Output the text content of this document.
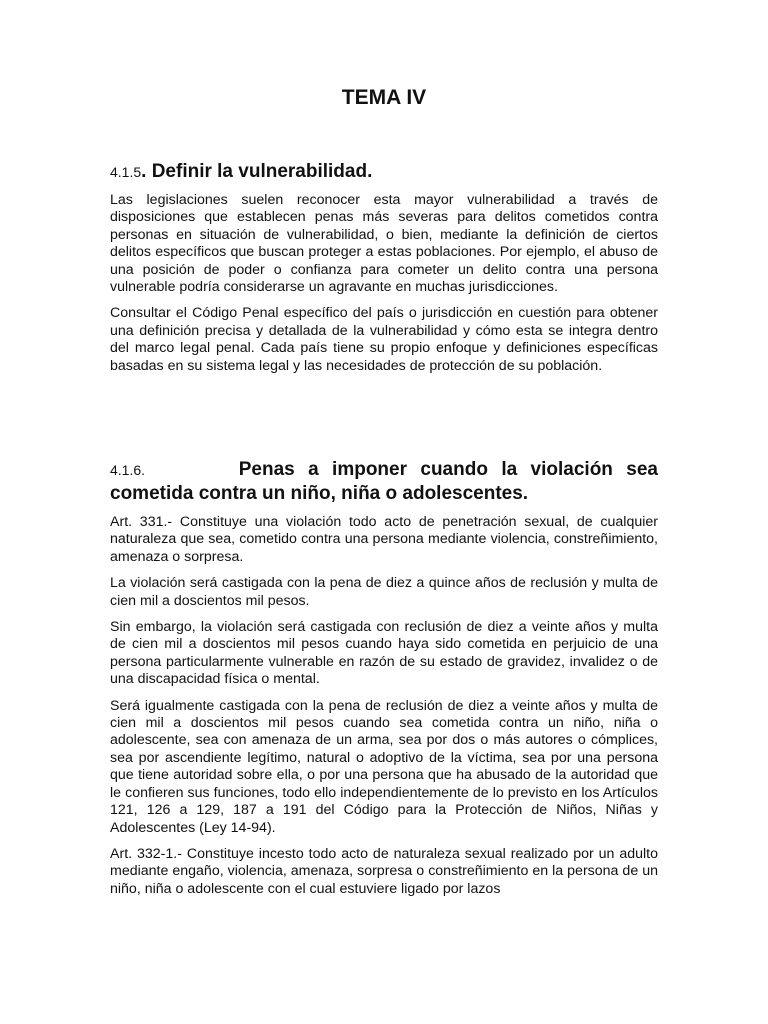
TEMA IV
4.1.5. Definir la vulnerabilidad.

Las legislaciones suelen reconocer esta mayor vulnerabilidad a través de disposiciones que establecen penas más severas para delitos cometidos contra personas en situación de vulnerabilidad, o bien, mediante la definición de ciertos delitos específicos que buscan proteger a estas poblaciones. Por ejemplo, el abuso de una posición de poder o confianza para cometer un delito contra una persona vulnerable podría considerarse un agravante en muchas jurisdicciones.

Consultar el Código Penal específico del país o jurisdicción en cuestión para obtener una definición precisa y detallada de la vulnerabilidad y cómo esta se integra dentro del marco legal penal. Cada país tiene su propio enfoque y definiciones específicas basadas en su sistema legal y las necesidades de protección de su población.

4.1.6.	Penas a imponer cuando la violación sea
cometida contra un niño, niña o adolescentes.

Art. 331.- Constituye una violación todo acto de penetración sexual, de cualquier naturaleza que sea, cometido contra una persona mediante violencia, constreñimiento, amenaza o sorpresa.

La violación será castigada con la pena de diez a quince años de reclusión y multa de cien mil a doscientos mil pesos.

Sin embargo, la violación será castigada con reclusión de diez a veinte años y multa de cien mil a doscientos mil pesos cuando haya sido cometida en perjuicio de una persona particularmente vulnerable en razón de su estado de gravidez, invalidez o de una discapacidad física o mental.

Será igualmente castigada con la pena de reclusión de diez a veinte años y multa de cien mil a doscientos mil pesos cuando sea cometida contra un niño, niña o adolescente, sea con amenaza de un arma, sea por dos o más autores o cómplices, sea por ascendiente legítimo, natural o adoptivo de la víctima, sea por una persona que tiene autoridad sobre ella, o por una persona que ha abusado de la autoridad que le confieren sus funciones, todo ello independientemente de lo previsto en los Artículos 121, 126 a 129, 187 a 191 del Código para la Protección de Niños, Niñas y Adolescentes (Ley 14-94).

Art. 332-1.- Constituye incesto todo acto de naturaleza sexual realizado por un adulto mediante engaño, violencia, amenaza, sorpresa o constreñimiento en la persona de un niño, niña o adolescente con el cual estuviere ligado por lazos
